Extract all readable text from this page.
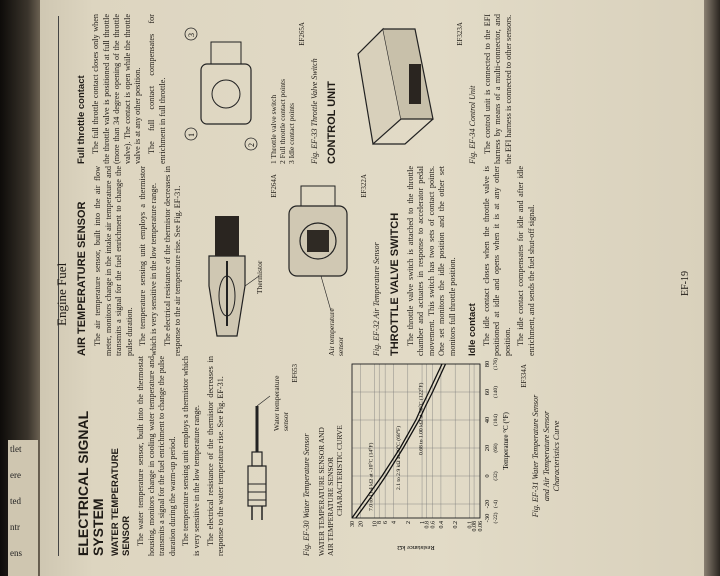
tlet
ere
ted
ntr
ens
Engine Fuel
ELECTRICAL SIGNAL
SYSTEM WATER TEMPERATURE
SENSOR The water temperature sensor, built into the thermostat housing, monitors change in cooling water temperature and transmits a signal for the fuel enrichment to change the pulse duration during the warm-up period. The temperature sensing unit employs a thermistor which is very sensitive in the low temperature range. The electrical resistance of the thermistor decreases in response to the water temperature rise. See Fig. EF-31.	Water temperature sensor
EF653
Fig. EF-30 Water Temperature Sensor WATER TEMPERATURE SENSOR AND
AIR TEMPERATURE SENSOR
CHARACTERISTIC CURVE
-30 (-22)
-20 (-4)
0 (32)
20 (68)
40 (104)
60 (140)
80 (176)
30 20 10
8 6 4 2 1
0.8 0.6 0.4 0.2 0.1
0.08 0.06
7.0 to 11.4 kΩ at -10°C (14°F)	2.1 to 2.9 kΩ at 20°C (68°F)
0.68 to 1.00 kΩ at 50°C (122°F)
Resistance kΩ
Temperature °C (°F)
EF334A
Fig. EF-31 Water Temperature Sensor and Air Temperature Sensor Characteristics Curve
AIR TEMPERATURE SENSOR The air temperature sensor, built into the air flow meter, monitors change in the intake air temperature and transmits a signal for the fuel enrichment to change the pulse duration. The temperature sensing unit employs a thermistor which is very sensitive in the low temperature range. The electrical resistance of the thermistor decreases in response to the air temperature rise. See Fig. EF-31.	Thermistor
EF264A
Air temperature
sensor
EF322A
Fig. EF-32 Air Temperature Sensor THROTTLE VALVE SWITCH The throttle valve switch is attached to the throttle chamber and actuates in response to accelerator pedal movement. This switch has two sets of contact points. One set monitors the idle position and the other set monitors full throttle position. Idle contact The idle contact closes when the throttle valve is positioned at idle and opens when it is at any other position. The idle contact compensates for idle and after idle enrichment, and sends the fuel shut-off signal.

Full throttle contact The full throttle contact closes only when the throttle valve is positioned at full throttle (more than 34 degree opening of the throttle valve). The contact is open while the throttle valve is at any other position. The full contact compensates for enrichment in full throttle.	1
2
3
1 Throttle valve switch
2 Full throttle contact points
3 Idle contact points
EF265A
Fig. EF-33 Throttle Valve Switch CONTROL UNIT
EF323A
Fig. EF-34 Control Unit The control unit is connected to the EFI harness by means of a multi-connector, and the EFI harness is connected to other sensors.

EF-19
